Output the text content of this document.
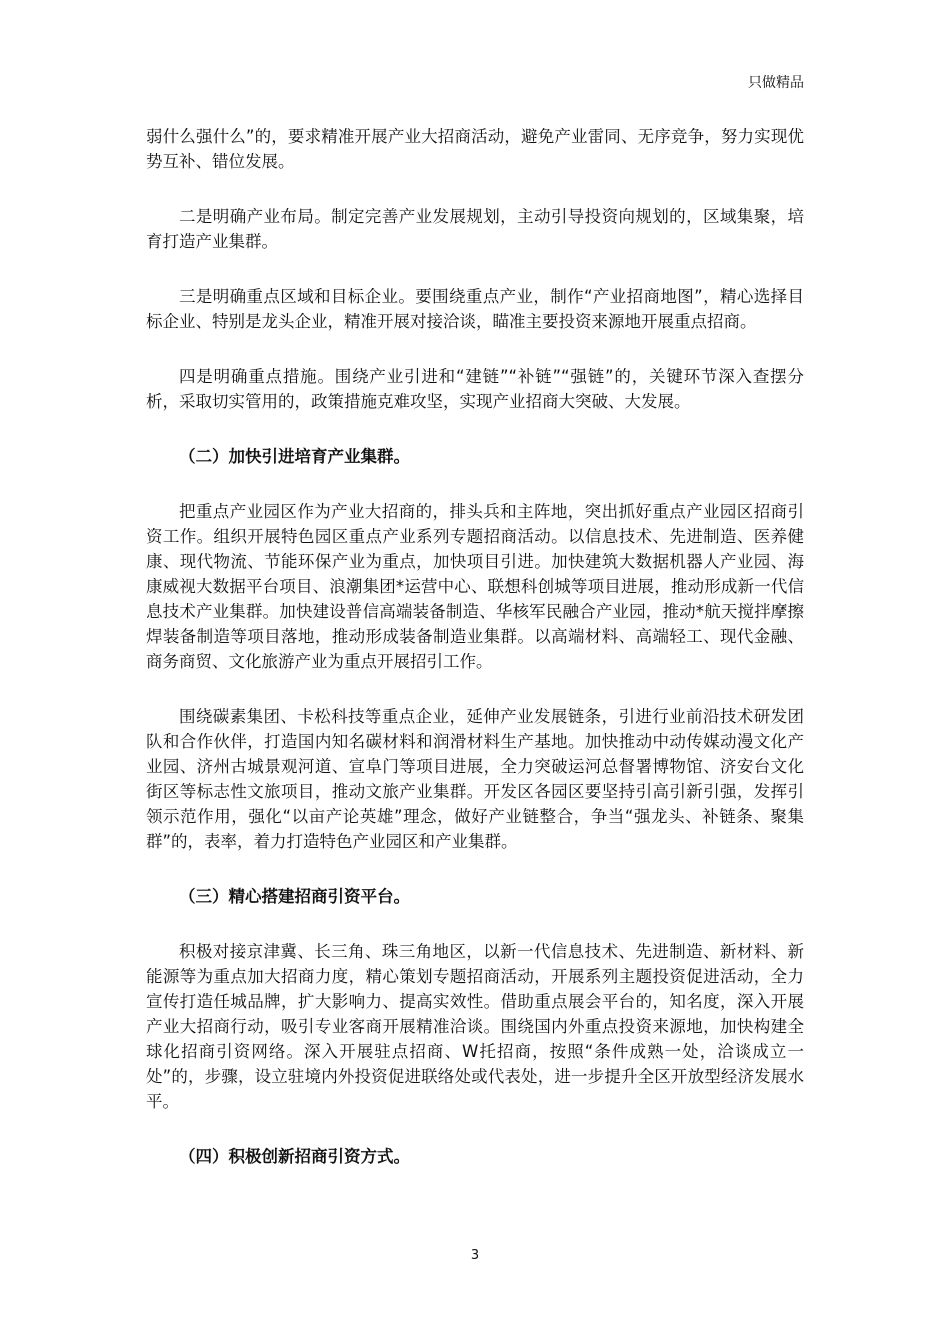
只做精品

弱什么强什么”的，要求精准开展产业大招商活动，避免产业雷同、无序竞争，努力实现优势互补、错位发展。

二是明确产业布局。制定完善产业发展规划，主动引导投资向规划的，区域集聚，培育打造产业集群。

三是明确重点区域和目标企业。要围绕重点产业，制作“产业招商地图”，精心选择目标企业、特别是龙头企业，精准开展对接洽谈，瞄准主要投资来源地开展重点招商。

四是明确重点措施。围绕产业引进和“建链”“补链”“强链”的，关键环节深入查摆分析，采取切实管用的，政策措施克难攻坚，实现产业招商大突破、大发展。

（二）加快引进培育产业集群。

把重点产业园区作为产业大招商的，排头兵和主阵地，突出抓好重点产业园区招商引资工作。组织开展特色园区重点产业系列专题招商活动。以信息技术、先进制造、医养健康、现代物流、节能环保产业为重点，加快项目引进。加快建筑大数据机器人产业园、海康威视大数据平台项目、浪潮集团*运营中心、联想科创城等项目进展，推动形成新一代信息技术产业集群。加快建设普信高端装备制造、华核军民融合产业园，推动*航天搅拌摩擦焊装备制造等项目落地，推动形成装备制造业集群。以高端材料、高端轻工、现代金融、商务商贸、文化旅游产业为重点开展招引工作。

围绕碳素集团、卡松科技等重点企业，延伸产业发展链条，引进行业前沿技术研发团队和合作伙伴，打造国内知名碳材料和润滑材料生产基地。加快推动中动传媒动漫文化产业园、济州古城景观河道、宣阜门等项目进展，全力突破运河总督署博物馆、济安台文化街区等标志性文旅项目，推动文旅产业集群。开发区各园区要坚持引高引新引强，发挥引领示范作用，强化“以亩产论英雄”理念，做好产业链整合，争当“强龙头、补链条、聚集群”的，表率，着力打造特色产业园区和产业集群。

（三）精心搭建招商引资平台。

积极对接京津冀、长三角、珠三角地区，以新一代信息技术、先进制造、新材料、新能源等为重点加大招商力度，精心策划专题招商活动，开展系列主题投资促进活动，全力宣传打造任城品牌，扩大影响力、提高实效性。借助重点展会平台的，知名度，深入开展产业大招商行动，吸引专业客商开展精准洽谈。围绕国内外重点投资来源地，加快构建全球化招商引资网络。深入开展驻点招商、W托招商，按照“条件成熟一处，洽谈成立一处”的，步骤，设立驻境内外投资促进联络处或代表处，进一步提升全区开放型经济发展水平。

（四）积极创新招商引资方式。

3
